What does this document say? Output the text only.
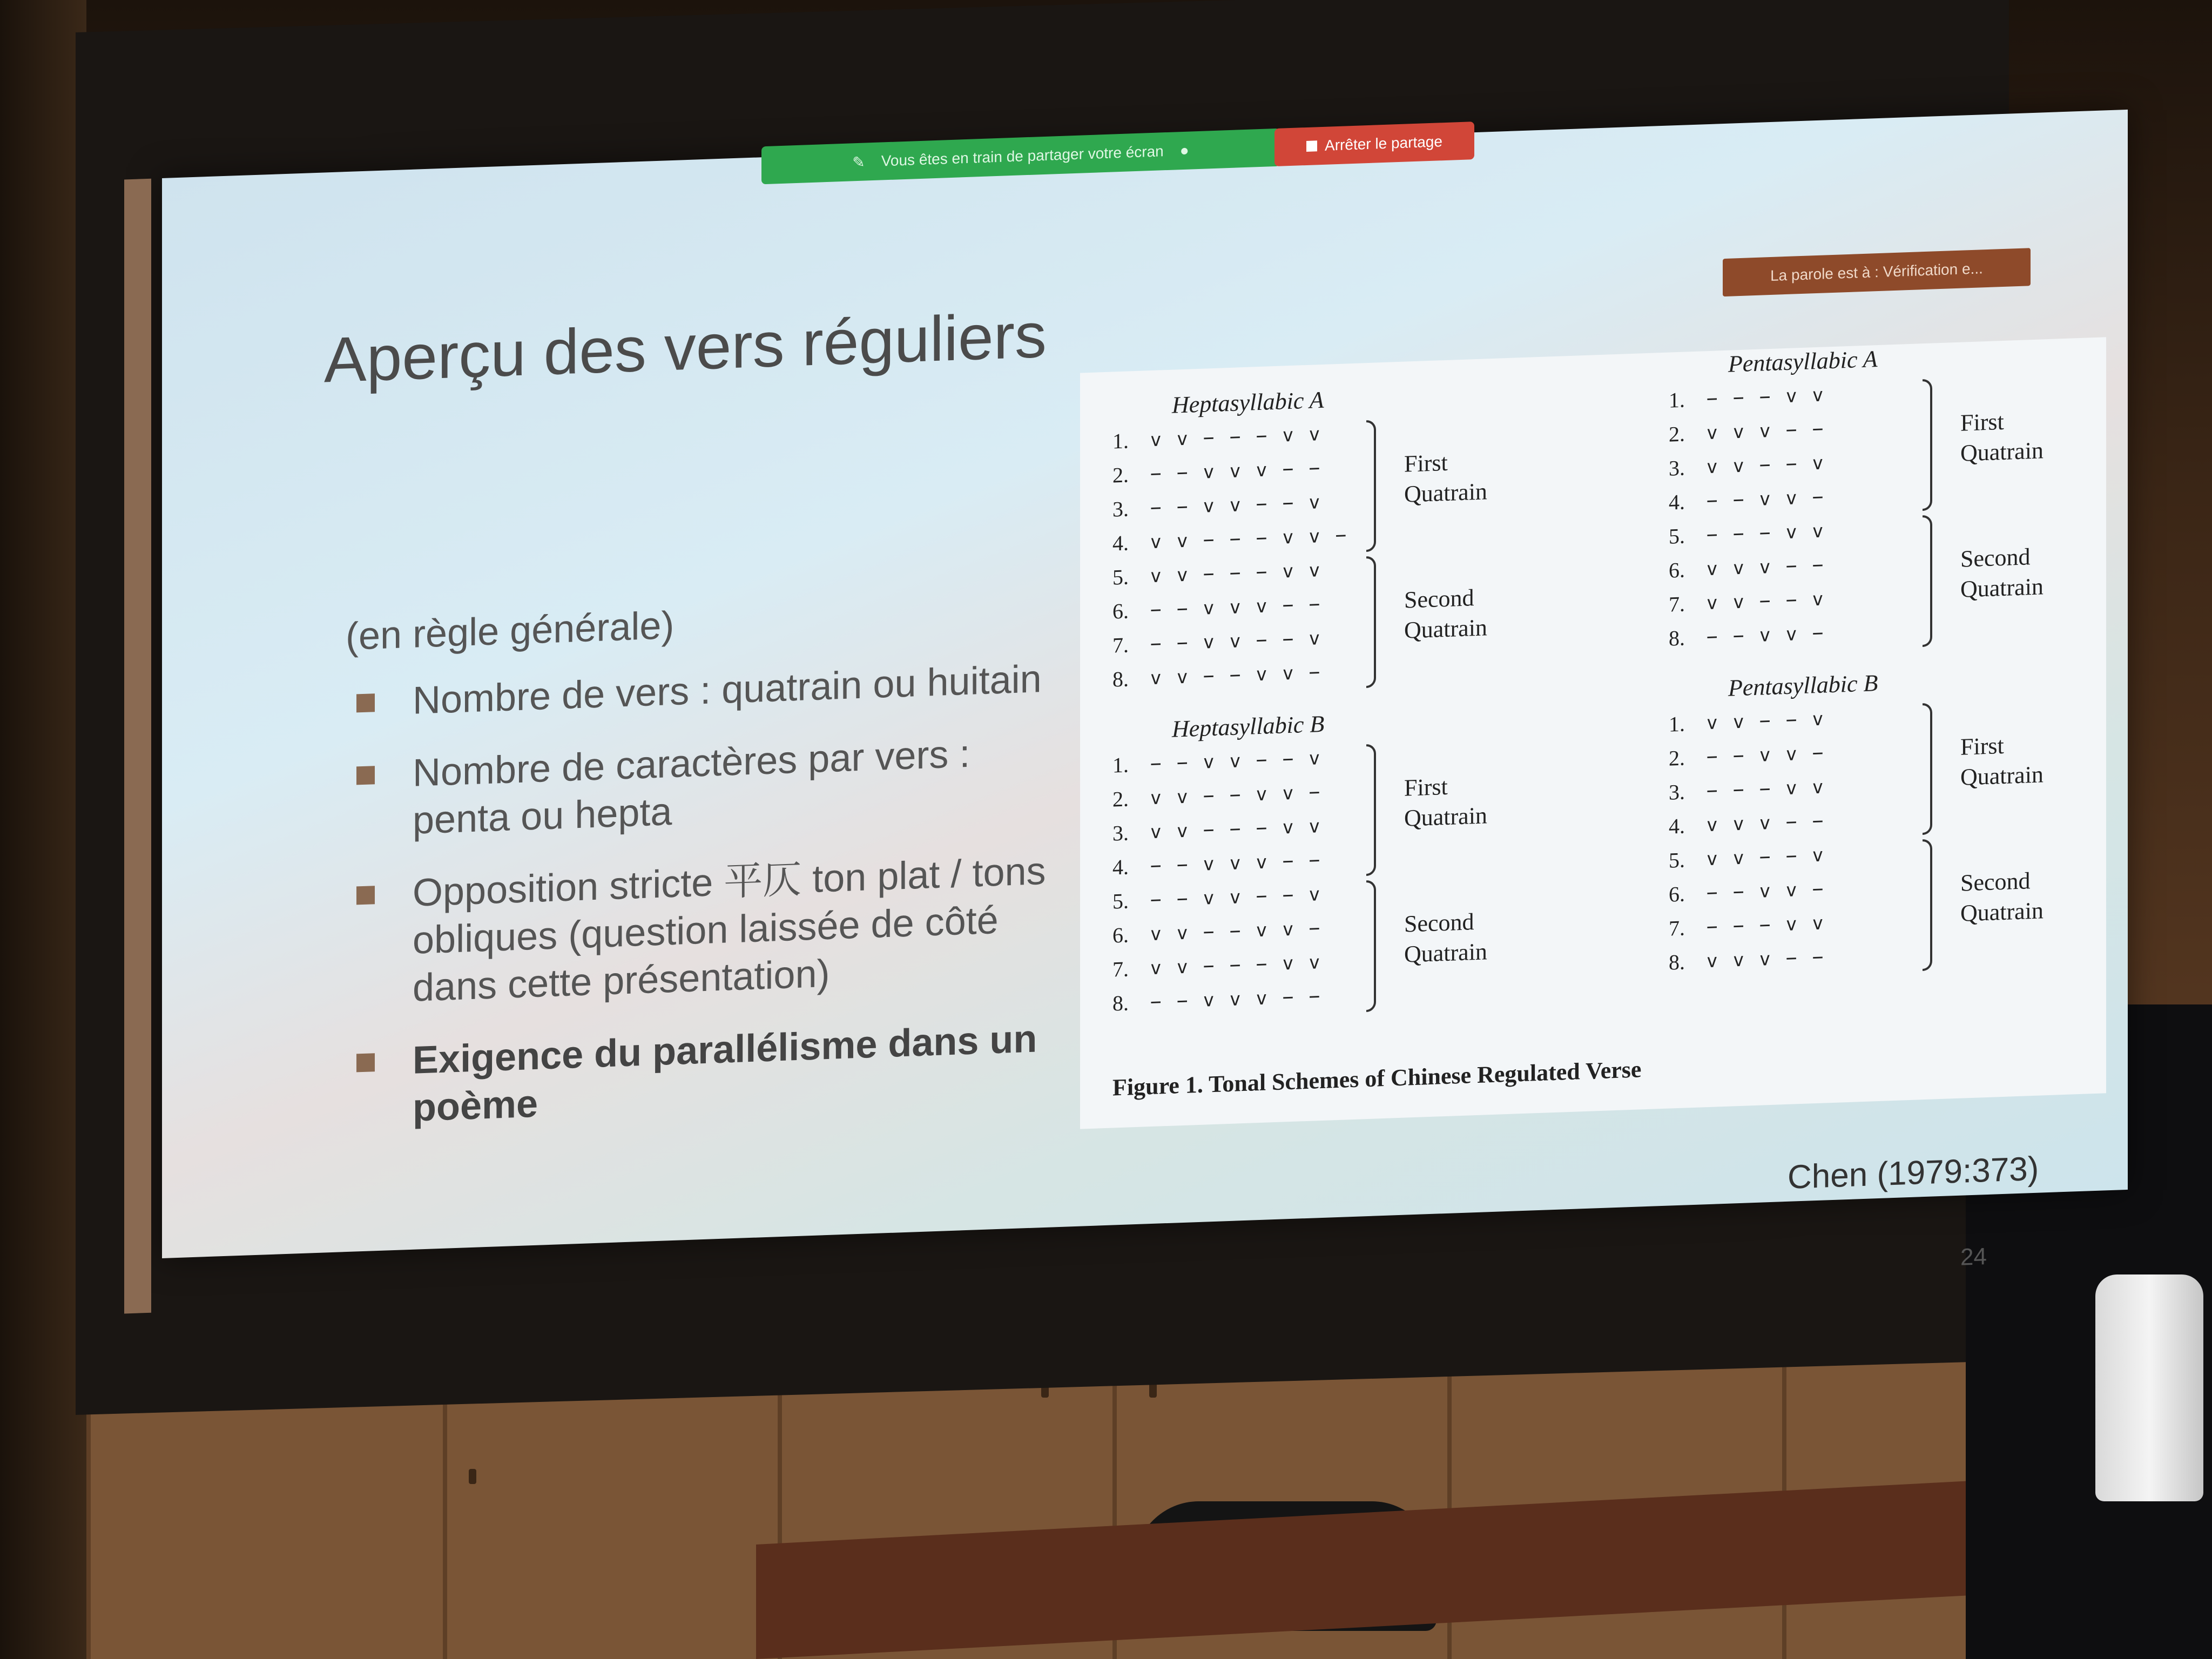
✎ Vous êtes en train de partager votre écran ●	Arrêter le partage
La parole est à : Vérification e...
Aperçu des vers réguliers
(en règle générale)
Nombre de vers : quatrain ou huitain
Nombre de caractères par vers : penta ou hepta
Opposition stricte 平仄 ton plat / tons obliques (question laissée de côté dans cette présentation)
Exigence du parallélisme dans un poème
Heptasyllabic A
1.	v v − − − v v
2.	− − v v v − −
3.	− − v v − − v
4.	v v − − − v v −
5.	v v − − − v v
6.	− − v v v − −
7.	− − v v − − v
8.	v v − − v v −
First Quatrain
Second Quatrain
Pentasyllabic A
1.	− − − v v
2.	v v v − −
3.	v v − − v
4.	− − v v −
5.	− − − v v
6.	v v v − −
7.	v v − − v
8.	− − v v −
First Quatrain
Second Quatrain
Heptasyllabic B
1.	− − v v − − v
2.	v v − − v v −
3.	v v − − − v v
4.	− − v v v − −
5.	− − v v − − v
6.	v v − − v v −
7.	v v − − − v v
8.	− − v v v − −
First Quatrain
Second Quatrain
Pentasyllabic B
1.	v v − − v
2.	− − v v −
3.	− − − v v
4.	v v v − −
5.	v v − − v
6.	− − v v −
7.	− − − v v
8.	v v v − −
First Quatrain
Second Quatrain
Figure 1. Tonal Schemes of Chinese Regulated Verse
Chen (1979:373)
24
